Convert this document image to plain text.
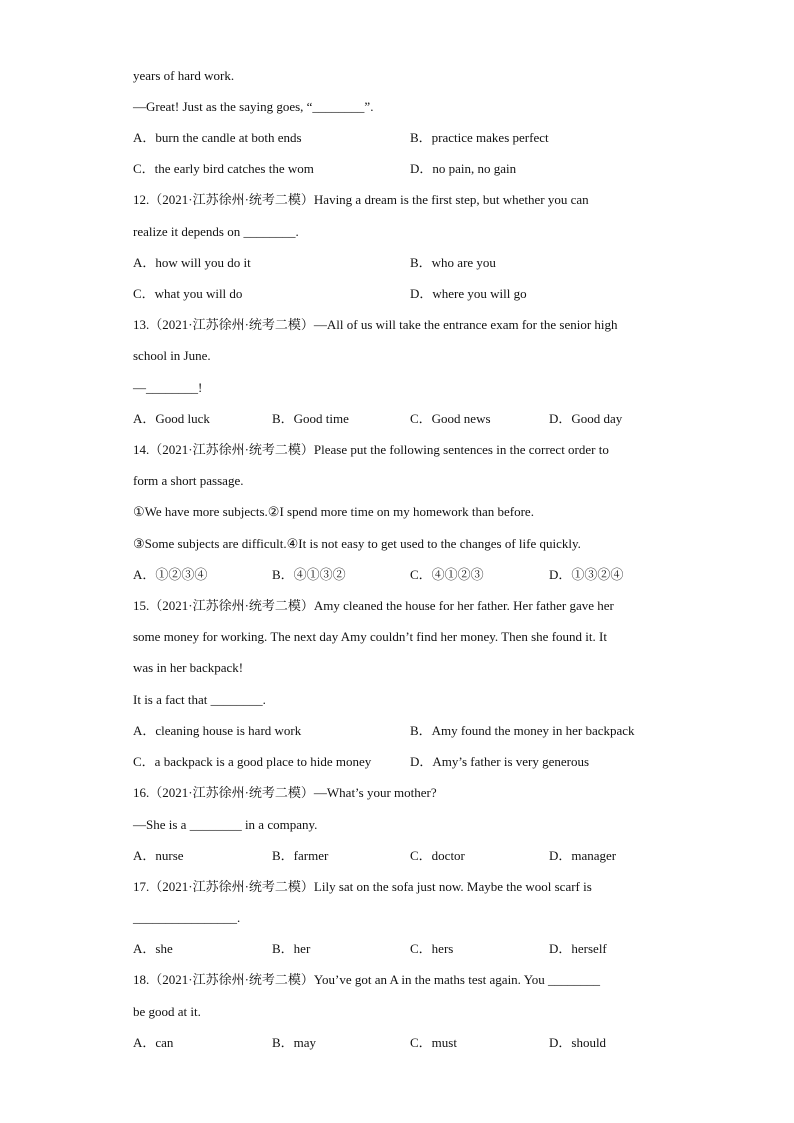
years of hard work.
—Great! Just as the saying goes, “________”.
A．burn the candle at both ends	B．practice makes perfect
C．the early bird catches the wom	D．no pain, no gain
12.（2021·江苏徐州·统考二模）Having a dream is the first step, but whether you can
realize it depends on ________.
A．how will you do it	B．who are you
C．what you will do	D．where you will go
13.（2021·江苏徐州·统考二模）—All of us will take the entrance exam for the senior high
school in June.
—________!
A．Good luck	B．Good time	C．Good news	D．Good day
14.（2021·江苏徐州·统考二模）Please put the following sentences in the correct order to
form a short passage.
①We have more subjects.②I spend more time on my homework than before.
③Some subjects are difficult.④It is not easy to get used to the changes of life quickly.
A．①②③④	B．④①③②	C．④①②③	D．①③②④
15.（2021·江苏徐州·统考二模）Amy cleaned the house for her father. Her father gave her
some money for working. The next day Amy couldn’t find her money. Then she found it. It
was in her backpack!
It is a fact that ________.
A．cleaning house is hard work	B．Amy found the money in her backpack
C．a backpack is a good place to hide money	D．Amy’s father is very generous
16.（2021·江苏徐州·统考二模）—What’s your mother?
—She is a ________ in a company.
A．nurse	B．farmer	C．doctor	D．manager
17.（2021·江苏徐州·统考二模）Lily sat on the sofa just now. Maybe the wool scarf is
________________.
A．she	B．her	C．hers	D．herself
18.（2021·江苏徐州·统考二模）You’ve got an A in the maths test again. You ________
be good at it.
A．can	B．may	C．must	D．should
